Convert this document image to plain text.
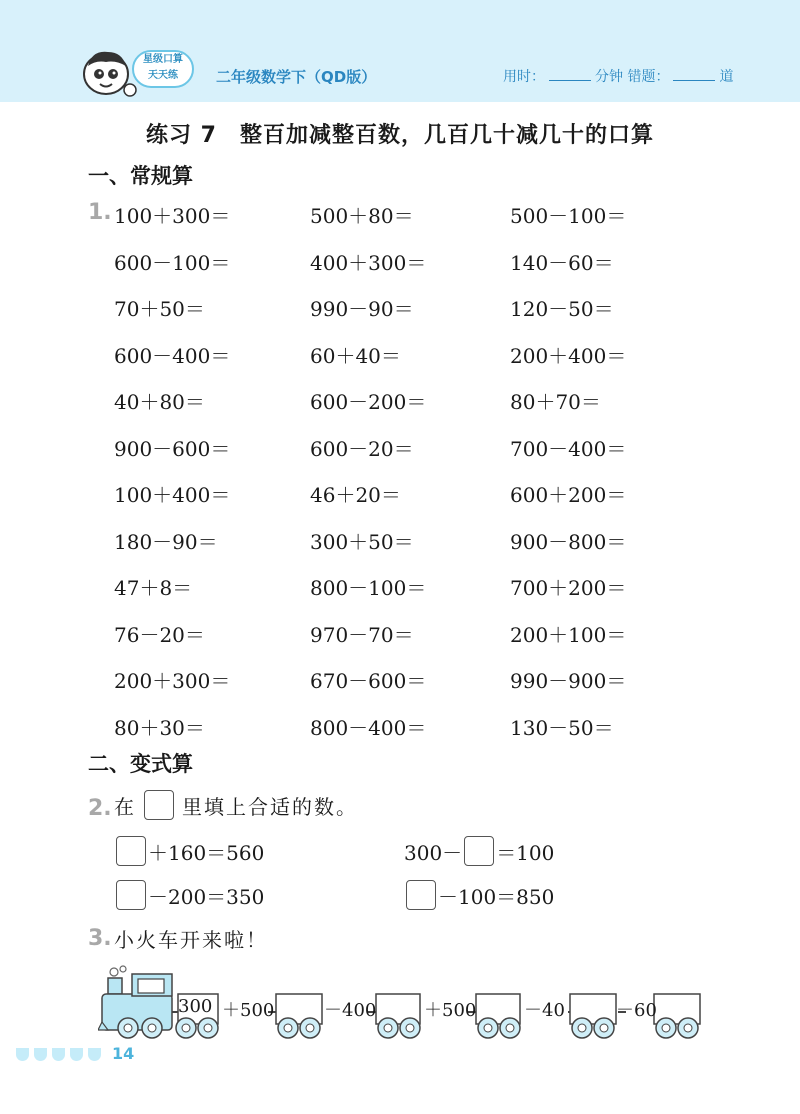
星级口算
天天练	二年级数学下（QD版）	用时：	分钟 错题：	道
练习 7　整百加减整百数，几百几十减几十的口算
一、常规算
1. 100＋300＝	500＋80＝	500－100＝
600－100＝	400＋300＝	140－60＝
70＋50＝	990－90＝	120－50＝
600－400＝	60＋40＝	200＋400＝
40＋80＝	600－200＝	80＋70＝
900－600＝	600－20＝	700－400＝
100＋400＝	46＋20＝	600＋200＝
180－90＝	300＋50＝	900－800＝
47＋8＝	800－100＝	700＋200＝
76－20＝	970－70＝	200＋100＝
200＋300＝	670－600＝	990－900＝
80＋30＝	800－400＝	130－50＝
二、变式算
2. 在 里填上合适的数。
＋160＝560	300－ ＝100
－200＝350	－100＝850
3. 小火车开来啦！
300 ＋500	－400	＋500	－40	－60
14
